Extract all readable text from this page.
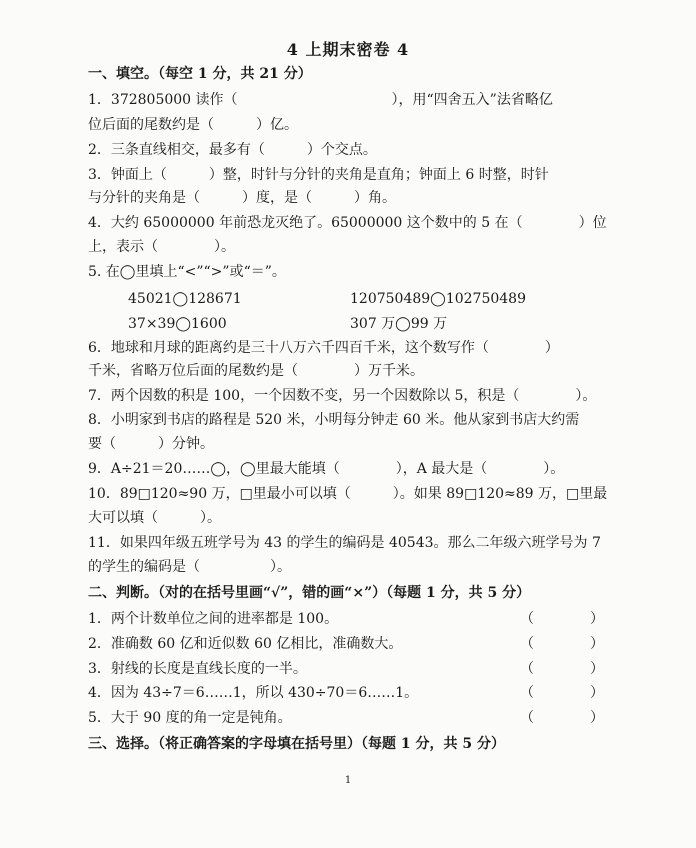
4 上期末密卷 4
一、填空。（每空 1 分，共 21 分）
1．372805000 读作（　　　　　　　　　　　），用“四舍五入”法省略亿
位后面的尾数约是（　　　）亿。
2．三条直线相交，最多有（　　　）个交点。
3．钟面上（　　　）整，时针与分针的夹角是直角；钟面上 6 时整，时针
与分针的夹角是（　　　）度，是（　　　）角。
4．大约 65000000 年前恐龙灭绝了。65000000 这个数中的 5 在（　　　　）位
上，表示（　　　　）。
5. 在◯里填上“<”“>”或“＝”。
45021◯128671	120750489◯102750489
37×39◯1600	307 万◯99 万
6．地球和月球的距离约是三十八万六千四百千米，这个数写作（　　　　）
千米，省略万位后面的尾数约是（　　　　）万千米。
7．两个因数的积是 100，一个因数不变，另一个因数除以 5，积是（　　　　）。
8．小明家到书店的路程是 520 米，小明每分钟走 60 米。他从家到书店大约需
要（　　　）分钟。
9．A÷21＝20……◯，◯里最大能填（　　　　），A 最大是（　　　　）。
10．89□120≈90 万，□里最小可以填（　　　）。如果 89□120≈89 万，□里最
大可以填（　　　）。
11．如果四年级五班学号为 43 的学生的编码是 40543。那么二年级六班学号为 7
的学生的编码是（　　　　　）。
二、判断。（对的在括号里画“√”，错的画“×”）（每题 1 分，共 5 分）
1．两个计数单位之间的进率都是 100。	（　　　　）
2．准确数 60 亿和近似数 60 亿相比，准确数大。	（　　　　）
3．射线的长度是直线长度的一半。	（　　　　）
4．因为 43÷7＝6……1，所以 430÷70＝6……1。	（　　　　）
5．大于 90 度的角一定是钝角。	（　　　　）
三、选择。（将正确答案的字母填在括号里）（每题 1 分，共 5 分）
1
